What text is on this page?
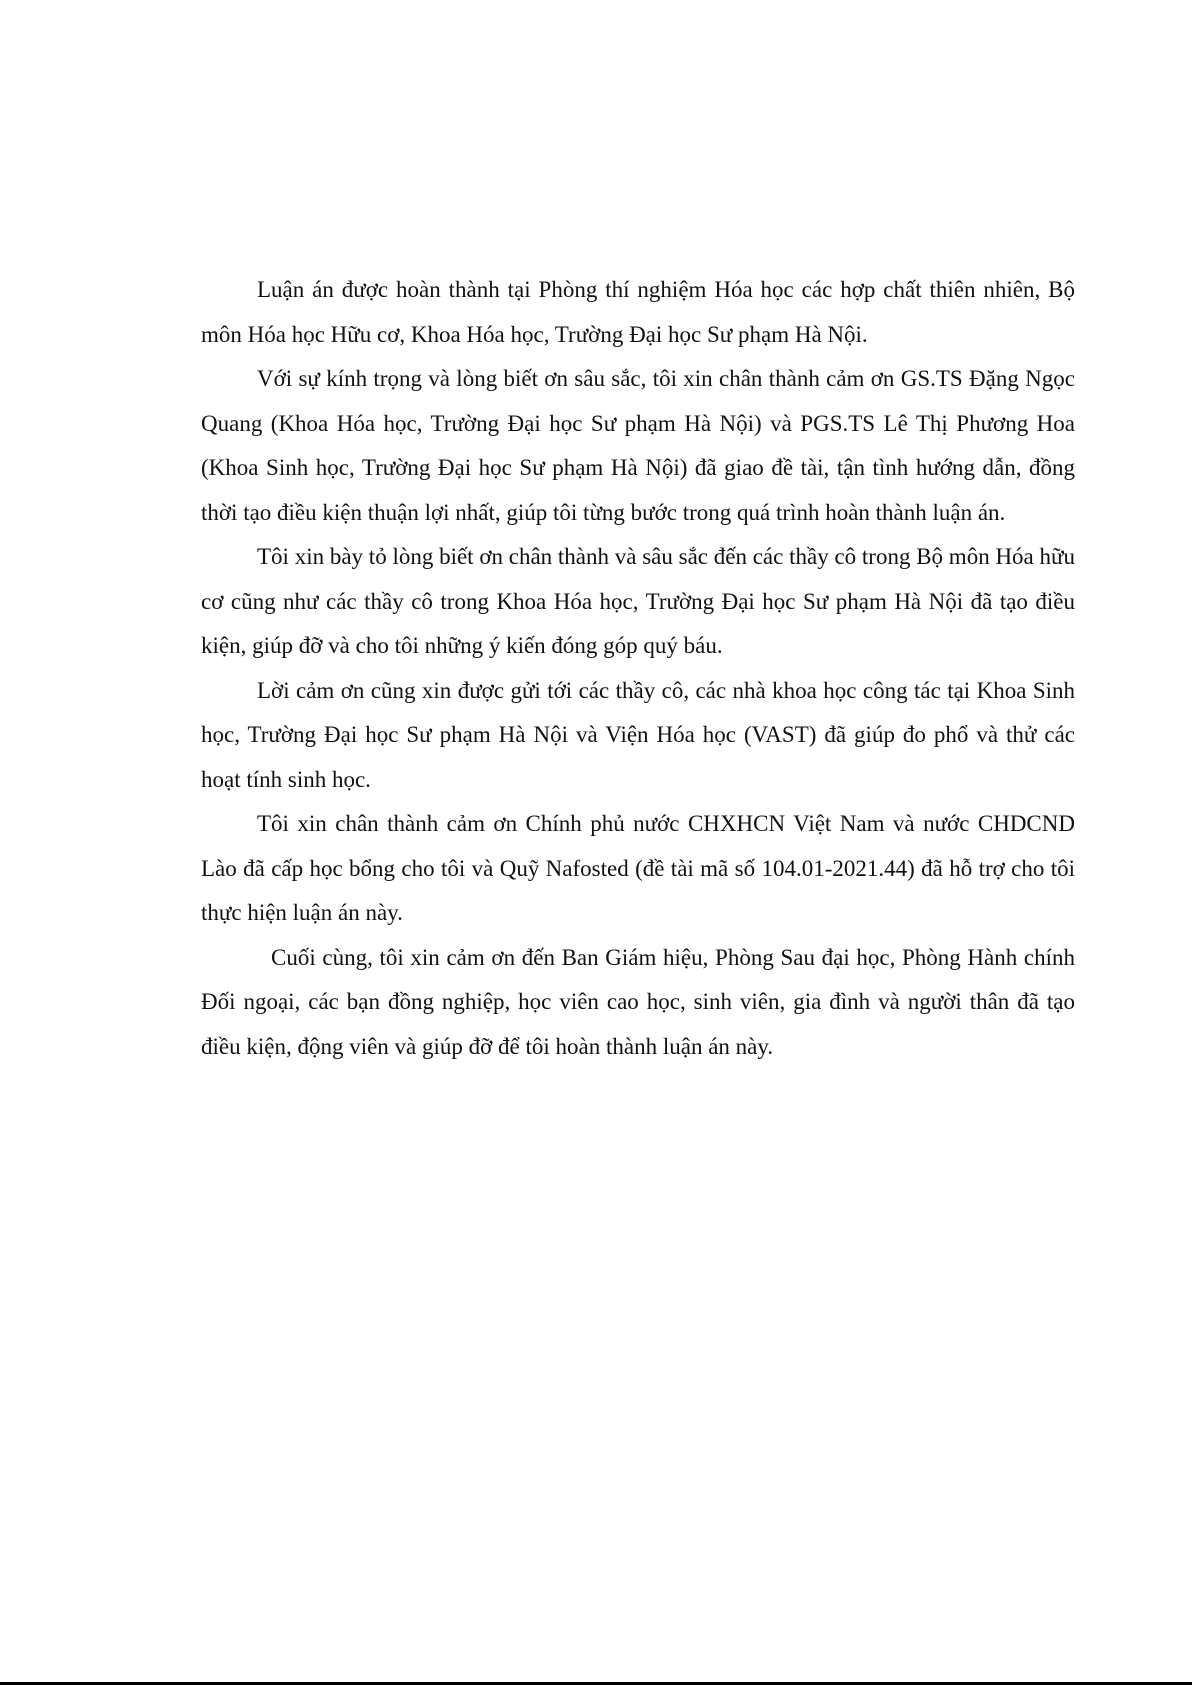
Luận án được hoàn thành tại Phòng thí nghiệm Hóa học các hợp chất thiên nhiên, Bộ môn Hóa học Hữu cơ, Khoa Hóa học, Trường Đại học Sư phạm Hà Nội.

Với sự kính trọng và lòng biết ơn sâu sắc, tôi xin chân thành cảm ơn GS.TS Đặng Ngọc Quang (Khoa Hóa học, Trường Đại học Sư phạm Hà Nội) và PGS.TS Lê Thị Phương Hoa (Khoa Sinh học, Trường Đại học Sư phạm Hà Nội) đã giao đề tài, tận tình hướng dẫn, đồng thời tạo điều kiện thuận lợi nhất, giúp tôi từng bước trong quá trình hoàn thành luận án.

Tôi xin bày tỏ lòng biết ơn chân thành và sâu sắc đến các thầy cô trong Bộ môn Hóa hữu cơ cũng như các thầy cô trong Khoa Hóa học, Trường Đại học Sư phạm Hà Nội đã tạo điều kiện, giúp đỡ và cho tôi những ý kiến đóng góp quý báu.

Lời cảm ơn cũng xin được gửi tới các thầy cô, các nhà khoa học công tác tại Khoa Sinh học, Trường Đại học Sư phạm Hà Nội và Viện Hóa học (VAST) đã giúp đo phổ và thử các hoạt tính sinh học.

Tôi xin chân thành cảm ơn Chính phủ nước CHXHCN Việt Nam và nước CHDCND Lào đã cấp học bổng cho tôi và Quỹ Nafosted (đề tài mã số 104.01-2021.44) đã hỗ trợ cho tôi thực hiện luận án này.

Cuối cùng, tôi xin cảm ơn đến Ban Giám hiệu, Phòng Sau đại học, Phòng Hành chính Đối ngoại, các bạn đồng nghiệp, học viên cao học, sinh viên, gia đình và người thân đã tạo điều kiện, động viên và giúp đỡ để tôi hoàn thành luận án này.
